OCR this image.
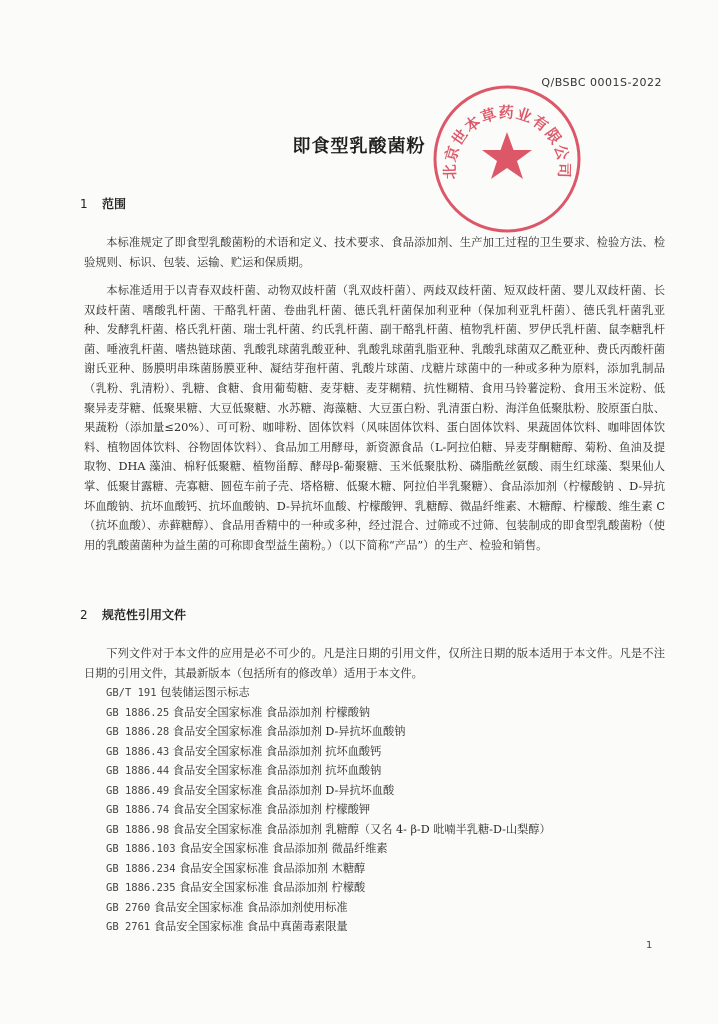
Q/BSBC 0001S-2022
北京世本草药业有限公司
即食型乳酸菌粉
1 范围
本标准规定了即食型乳酸菌粉的术语和定义、技术要求、食品添加剂、生产加工过程的卫生要求、检验方法、检验规则、标识、包装、运输、贮运和保质期。
本标准适用于以青春双歧杆菌、动物双歧杆菌（乳双歧杆菌）、两歧双歧杆菌、短双歧杆菌、婴儿双歧杆菌、长双歧杆菌、嗜酸乳杆菌、干酪乳杆菌、卷曲乳杆菌、德氏乳杆菌保加利亚种（保加利亚乳杆菌）、德氏乳杆菌乳亚种、发酵乳杆菌、格氏乳杆菌、瑞士乳杆菌、约氏乳杆菌、副干酪乳杆菌、植物乳杆菌、罗伊氏乳杆菌、鼠李糖乳杆菌、唾液乳杆菌、嗜热链球菌、乳酸乳球菌乳酸亚种、乳酸乳球菌乳脂亚种、乳酸乳球菌双乙酰亚种、费氏丙酸杆菌谢氏亚种、肠膜明串珠菌肠膜亚种、凝结芽孢杆菌、乳酸片球菌、戊糖片球菌中的一种或多种为原料，添加乳制品（乳粉、乳清粉）、乳糖、食糖、食用葡萄糖、麦芽糖、麦芽糊精、抗性糊精、食用马铃薯淀粉、食用玉米淀粉、低聚异麦芽糖、低聚果糖、大豆低聚糖、水苏糖、海藻糖、大豆蛋白粉、乳清蛋白粉、海洋鱼低聚肽粉、胶原蛋白肽、果蔬粉（添加量≤20%）、可可粉、咖啡粉、固体饮料（风味固体饮料、蛋白固体饮料、果蔬固体饮料、咖啡固体饮料、植物固体饮料、谷物固体饮料）、食品加工用酵母，新资源食品（L-阿拉伯糖、异麦芽酮糖醇、菊粉、鱼油及提取物、DHA 藻油、棉籽低聚糖、植物甾醇、酵母β-葡聚糖、玉米低聚肽粉、磷脂酰丝氨酸、雨生红球藻、梨果仙人掌、低聚甘露糖、壳寡糖、圆苞车前子壳、塔格糖、低聚木糖、阿拉伯半乳聚糖）、食品添加剂（柠檬酸钠 、D-异抗坏血酸钠、抗坏血酸钙、抗坏血酸钠、D-异抗坏血酸、柠檬酸钾、乳糖醇、微晶纤维素、木糖醇、柠檬酸、维生素 C （抗坏血酸）、赤藓糖醇）、食品用香精中的一种或多种，经过混合、过筛或不过筛、包装制成的即食型乳酸菌粉（使用的乳酸菌菌种为益生菌的可称即食型益生菌粉。）（以下简称“产品”）的生产、检验和销售。
2 规范性引用文件
下列文件对于本文件的应用是必不可少的。凡是注日期的引用文件，仅所注日期的版本适用于本文件。凡是不注日期的引用文件，其最新版本（包括所有的修改单）适用于本文件。
GB/T 191 包装储运图示标志
GB 1886.25 食品安全国家标准 食品添加剂 柠檬酸钠
GB 1886.28 食品安全国家标准 食品添加剂 D-异抗坏血酸钠
GB 1886.43 食品安全国家标准 食品添加剂 抗坏血酸钙
GB 1886.44 食品安全国家标准 食品添加剂 抗坏血酸钠
GB 1886.49 食品安全国家标准 食品添加剂 D-异抗坏血酸
GB 1886.74 食品安全国家标准 食品添加剂 柠檬酸钾
GB 1886.98 食品安全国家标准 食品添加剂 乳糖醇（又名 4- β-D 吡喃半乳糖-D-山梨醇）
GB 1886.103 食品安全国家标准 食品添加剂 微晶纤维素
GB 1886.234 食品安全国家标准 食品添加剂 木糖醇
GB 1886.235 食品安全国家标准 食品添加剂 柠檬酸
GB 2760 食品安全国家标准 食品添加剂使用标准
GB 2761 食品安全国家标准 食品中真菌毒素限量
1
